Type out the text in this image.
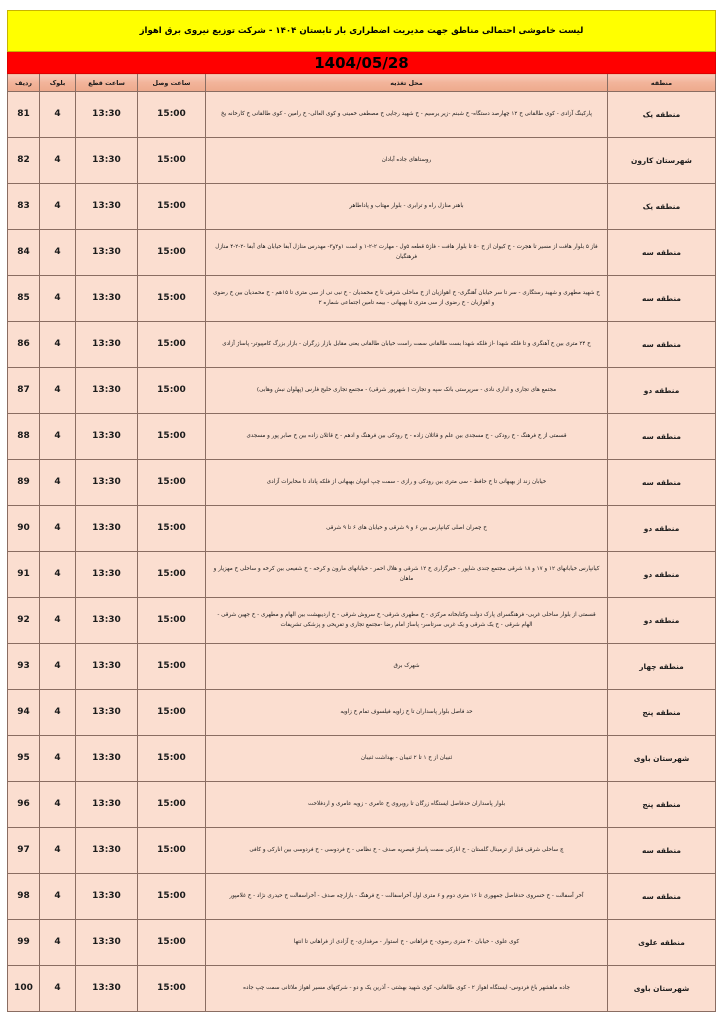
لیست خاموشی احتمالی مناطق جهت مدیریت اضطراری بار تابستان ۱۴۰۴ - شرکت توزیع نیروی برق اهواز					
1404/05/28					
منطقه	محل تغذیه	ساعت وصل	ساعت قطع	بلوک	ردیف
منطقه یک	پارکینگ آزادی - کوی طالقانی خ ۱۲ چهارصد دستگاه- خ شبنم -زیر یرسیم - خ شهید رجایی خ مصطفی خمینی و کوی العالی- خ رامین - کوی طالقانی خ کارخانه یخ	15:00	13:30	4	81
شهرستان کارون	روستاهای جاده آبادان	15:00	13:30	4	82
منطقه یک	باهنر منازل راه و ترابری - بلوار مهتاب و پاداطاهر	15:00	13:30	4	83
منطقه سه	فاز ۵ بلوار هافت از مسیر تا هجرت - خ کیوان از خ ۵۰ تا بلوار هافت - فاز۵ قطعه ۵ول - مهارت ۲-۲-۱ و است ۱و۲و۳- مهدرس منازل آبفا خیابان های آبفا -۲-۲-۴ منازل فرهنگیان	15:00	13:30	4	84
منطقه سه	خ شهید مطهری و شهید رستگاری - سر تا سر خیابان آهنگری- خ اهوازیان از خ ساحلی شرقی تا خ محمدیان - خ نبی نی از سی متری تا ۱۵هم - خ محمدیان بین خ رضوی و اهوازیان - خ رضوی از سی متری تا بهبهانی - بیمه تامین اجتماعی شماره ۲	15:00	13:30	4	85
منطقه سه	خ ۲۴ متری بین خ آهنگری و تا فلکه شهدا -از فلکه شهدا بست طالقانی سمت راست خیابان طالقانی یعنی مقابل بازار زرگران - بازار بزرگ کامپیوتر- پاساژ آزادی	15:00	13:30	4	86
منطقه دو	مجتمع های تجاری و اداری نادی - سرپرستی بانک سپه و تجارت ( شهرپور شرقی) - مجتمع تجاری خلیج فارس (پهلوان نبش وهابی)	15:00	13:30	4	87
منطقه سه	قسمتی از خ فرهنگ - خ رودکی - خ مسجدی بین علم و قائلان زاده - خ رودکی بین فرهنگ و ادهم - خ قائلان زاده بین خ صابر پور و مسجدی	15:00	13:30	4	88
منطقه سه	خیابان زند از بهبهانی تا خ حافظ - سی متری بین رودکی و رازی - سمت چپ انوبان بهبهانی از فلکه پاداد تا مخابرات آزادی	15:00	13:30	4	89
منطقه دو	خ چمران اصلی کیانپارس بین ۶ و ۹ شرقی و خیابان های ۶ تا ۹ شرقی	15:00	13:30	4	90
منطقه دو	کیانپارس خیابانهای ۱۲ و ۱۷ و ۱۸ شرقی مجتمع جندی شاپور - خبرگزاری خ ۱۲ شرقی و هلال احمر - خیابانهای مارون و کرخه - خ شفیعی بین کرخه و ساحلی خ مهزیار و ماهان	15:00	13:30	4	91
منطقه دو	قسمتی از بلوار ساحلی غربی- فرهنگسرای پارک دولت وکتابخانه مرکزی - خ مطهری شرقی- خ سروش شرقی - خ اردیبهشت بین الهام و مطهری - خ جهین شرقی - الهام شرقی - خ یک شرقی و یک غربی سرتاسر- پاساژ امام رضا -مجتمع تجاری و تفریحی و پزشکی تشریفات	15:00	13:30	4	92
منطقه چهار	شهرک برق	15:00	13:30	4	93
منطقه پنج	حد فاصل بلوار پاسداران تا خ زاویه فیلسوف تمام خ زاویه	15:00	13:30	4	94
شهرستان باوی	ثنیبان از خ ۱ تا ۲ ثنیبان - بهداشت ثنیبان	15:00	13:30	4	95
منطقه پنج	بلوار پاسداران حدفاصل ایستگاه زرگان تا روبروی خ عامری - زویه عامری و اردفلاحت	15:00	13:30	4	96
منطقه سه	چ ساحلی شرقی قبل از ترمینال گلستان - خ انارکی سمت پاساژ قیصریه صدف - خ نظامی - خ فردوسی - خ فردوسی بین انارکی و کافی	15:00	13:30	4	97
منطقه سه	آخر آسفالت - خ خسروی حدفاصل جمهوری تا ۱۶ متری دوم و ۶ متری اول آخراسفالت - خ فرهنگ - بازارچه صدف - آخراسفالت خ حیدری نژاد - خ غلامپور	15:00	13:30	4	98
منطقه علوی	کوی علوی - خیابان ۴۰ متری رضوی- خ فراهانی - خ استوار - مرفداری- خ آزادی از فراهانی تا انتها	15:00	13:30	4	99
شهرستان باوی	جاده ماهشهر باغ فردوس- ایستگاه اهواز ۲ - کوی طالقانی- کوی شهید بهشتی - آذرین یک و دو - شرکتهای مسیر اهواز ملاثانی سمت چپ جاده	15:00	13:30	4	100
